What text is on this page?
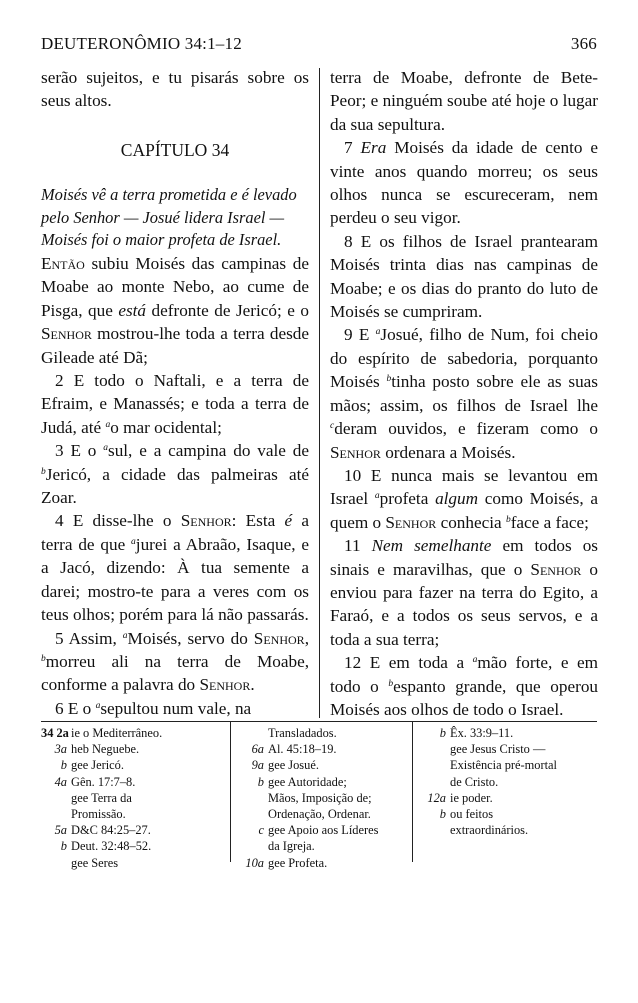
DEUTERONÔMIO 34:1–12	366

serão sujeitos, e tu pisarás sobre os seus altos.

CAPÍTULO 34

Moisés vê a terra prometida e é levado pelo Senhor — Josué lidera Israel — Moisés foi o maior profeta de Israel.

Então subiu Moisés das campinas de Moabe ao monte Nebo, ao cume de Pisga, que está defronte de Jericó; e o Senhor mostrou-lhe toda a terra desde Gileade até Dã;

2 E todo o Naftali, e a terra de Efraim, e Manassés; e toda a terra de Judá, até $^a$o mar ocidental;

3 E o $^a$sul, e a campina do vale de $^b$Jericó, a cidade das palmeiras até Zoar.

4 E disse-lhe o Senhor: Esta é a terra de que $^a$jurei a Abraão, Isaque, e a Jacó, dizendo: À tua semente a darei; mostro-te para a veres com os teus olhos; porém para lá não passarás.

5 Assim, $^a$Moisés, servo do Senhor, $^b$morreu ali na terra de Moabe, conforme a palavra do Senhor.

6 E o $^a$sepultou num vale, na

terra de Moabe, defronte de Bete-Peor; e ninguém soube até hoje o lugar da sua sepultura.

7 Era Moisés da idade de cento e vinte anos quando morreu; os seus olhos nunca se escureceram, nem perdeu o seu vigor.

8 E os filhos de Israel prantearam Moisés trinta dias nas campinas de Moabe; e os dias do pranto do luto de Moisés se cumpriram.

9 E $^a$Josué, filho de Num, foi cheio do espírito de sabedoria, porquanto Moisés $^b$tinha posto sobre ele as suas mãos; assim, os filhos de Israel lhe $^c$deram ouvidos, e fizeram como o Senhor ordenara a Moisés.

10 E nunca mais se levantou em Israel $^a$profeta algum como Moisés, a quem o Senhor conhecia $^b$face a face;

11 Nem semelhante em todos os sinais e maravilhas, que o Senhor o enviou para fazer na terra do Egito, a Faraó, e a todos os seus servos, e a toda a sua terra;

12 E em toda a $^a$mão forte, e em todo o $^b$espanto grande, que operou Moisés aos olhos de todo o Israel.

34 2a ie o Mediterrâneo.
3a heb Neguebe.
b gee Jericó.
4a Gên. 17:7–8.
gee Terra da
Promissão.
5a D&C 84:25–27.
b Deut. 32:48–52.
gee Seres
Transladados.
6a Al. 45:18–19.
9a gee Josué.
b gee Autoridade;
Mãos, Imposição de;
Ordenação, Ordenar.
c gee Apoio aos Líderes
da Igreja.
10a gee Profeta.
b Êx. 33:9–11.
gee Jesus Cristo —
Existência pré-mortal
de Cristo.
12a ie poder.
b ou feitos
extraordinários.
